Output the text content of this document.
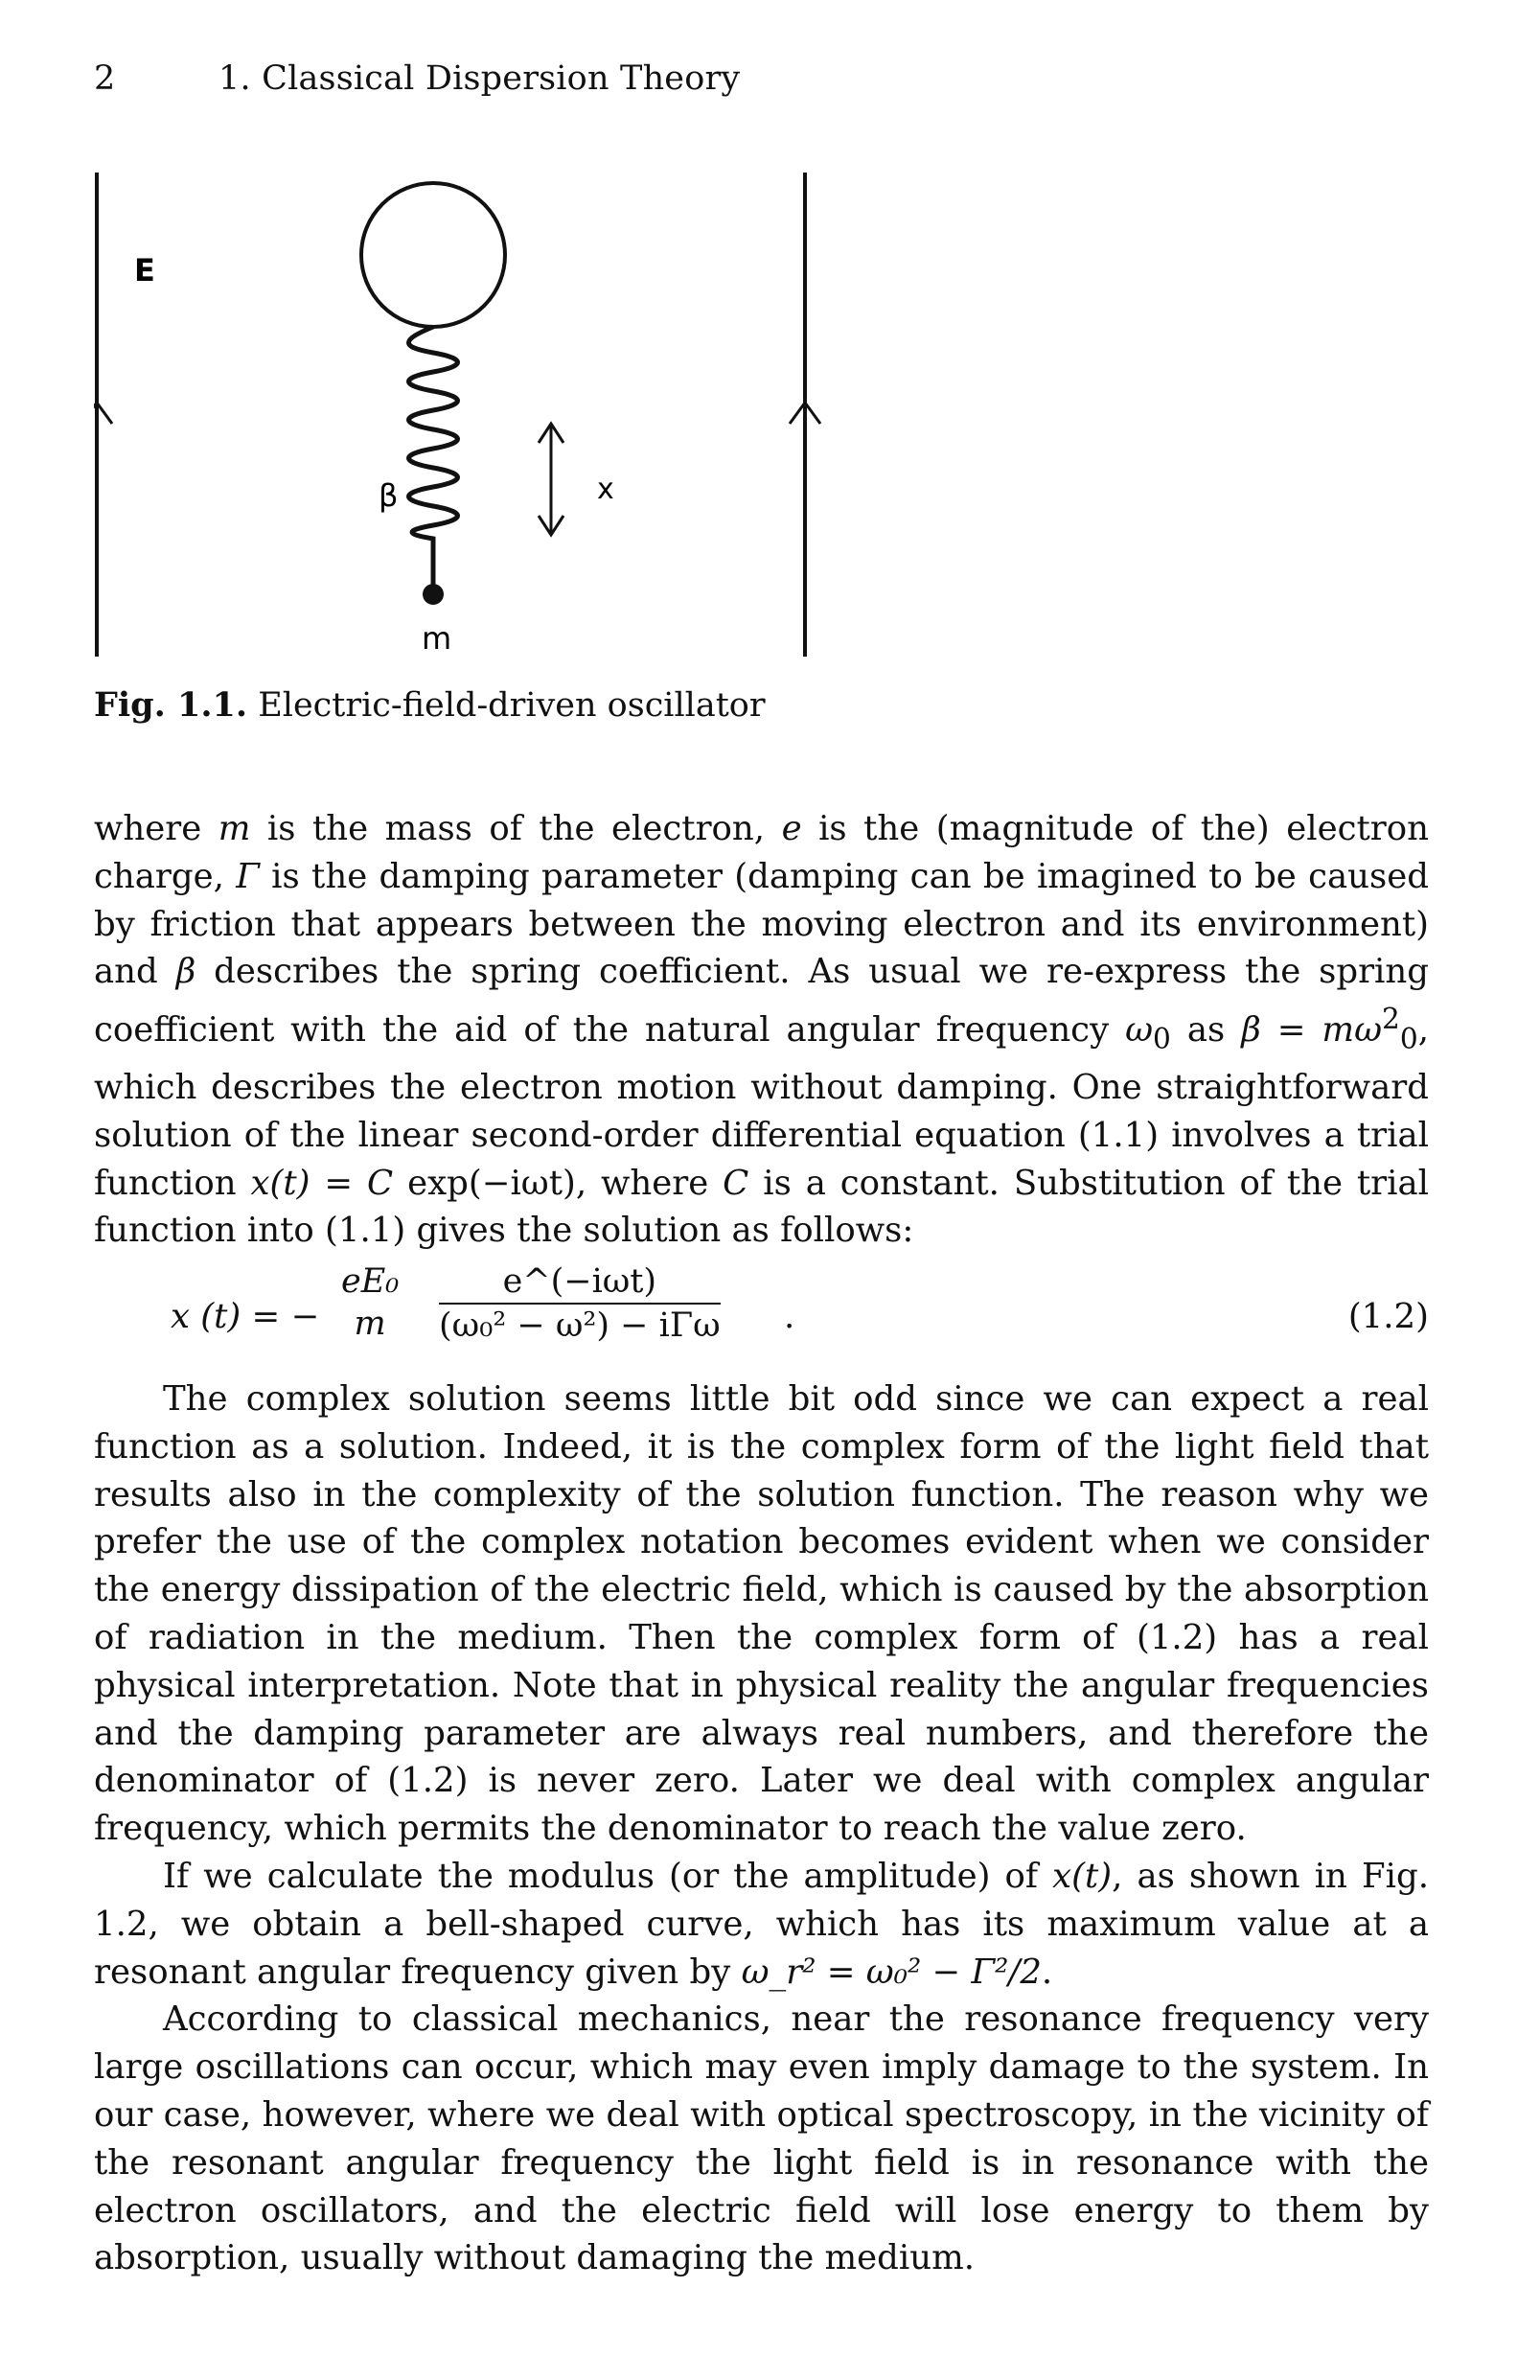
2	1. Classical Dispersion Theory
E
β
m
x
Fig. 1.1. Electric-field-driven oscillator

where m is the mass of the electron, e is the (magnitude of the) electron charge, Γ is the damping parameter (damping can be imagined to be caused by friction that appears between the moving electron and its environment) and β describes the spring coefficient. As usual we re-express the spring coefficient with the aid of the natural angular frequency $\omega_0$ as $\beta = m\omega^2_0$, which describes the electron motion without damping. One straightforward solution of the linear second-order differential equation (1.1) involves a trial function x(t) = C exp(−iωt), where C is a constant. Substitution of the trial function into (1.1) gives the solution as follows:

x (t) = −
eE₀
m
e^(−iωt)
(ω₀² − ω²) − iΓω .	(1.2)

The complex solution seems little bit odd since we can expect a real function as a solution. Indeed, it is the complex form of the light field that results also in the complexity of the solution function. The reason why we prefer the use of the complex notation becomes evident when we consider the energy dissipation of the electric field, which is caused by the absorption of radiation in the medium. Then the complex form of (1.2) has a real physical interpretation. Note that in physical reality the angular frequencies and the damping parameter are always real numbers, and therefore the denominator of (1.2) is never zero. Later we deal with complex angular frequency, which permits the denominator to reach the value zero.

If we calculate the modulus (or the amplitude) of x(t), as shown in Fig. 1.2, we obtain a bell-shaped curve, which has its maximum value at a resonant angular frequency given by ω_r² = ω₀² − Γ²/2.

According to classical mechanics, near the resonance frequency very large oscillations can occur, which may even imply damage to the system. In our case, however, where we deal with optical spectroscopy, in the vicinity of the resonant angular frequency the light field is in resonance with the electron oscillators, and the electric field will lose energy to them by absorption, usually without damaging the medium.
